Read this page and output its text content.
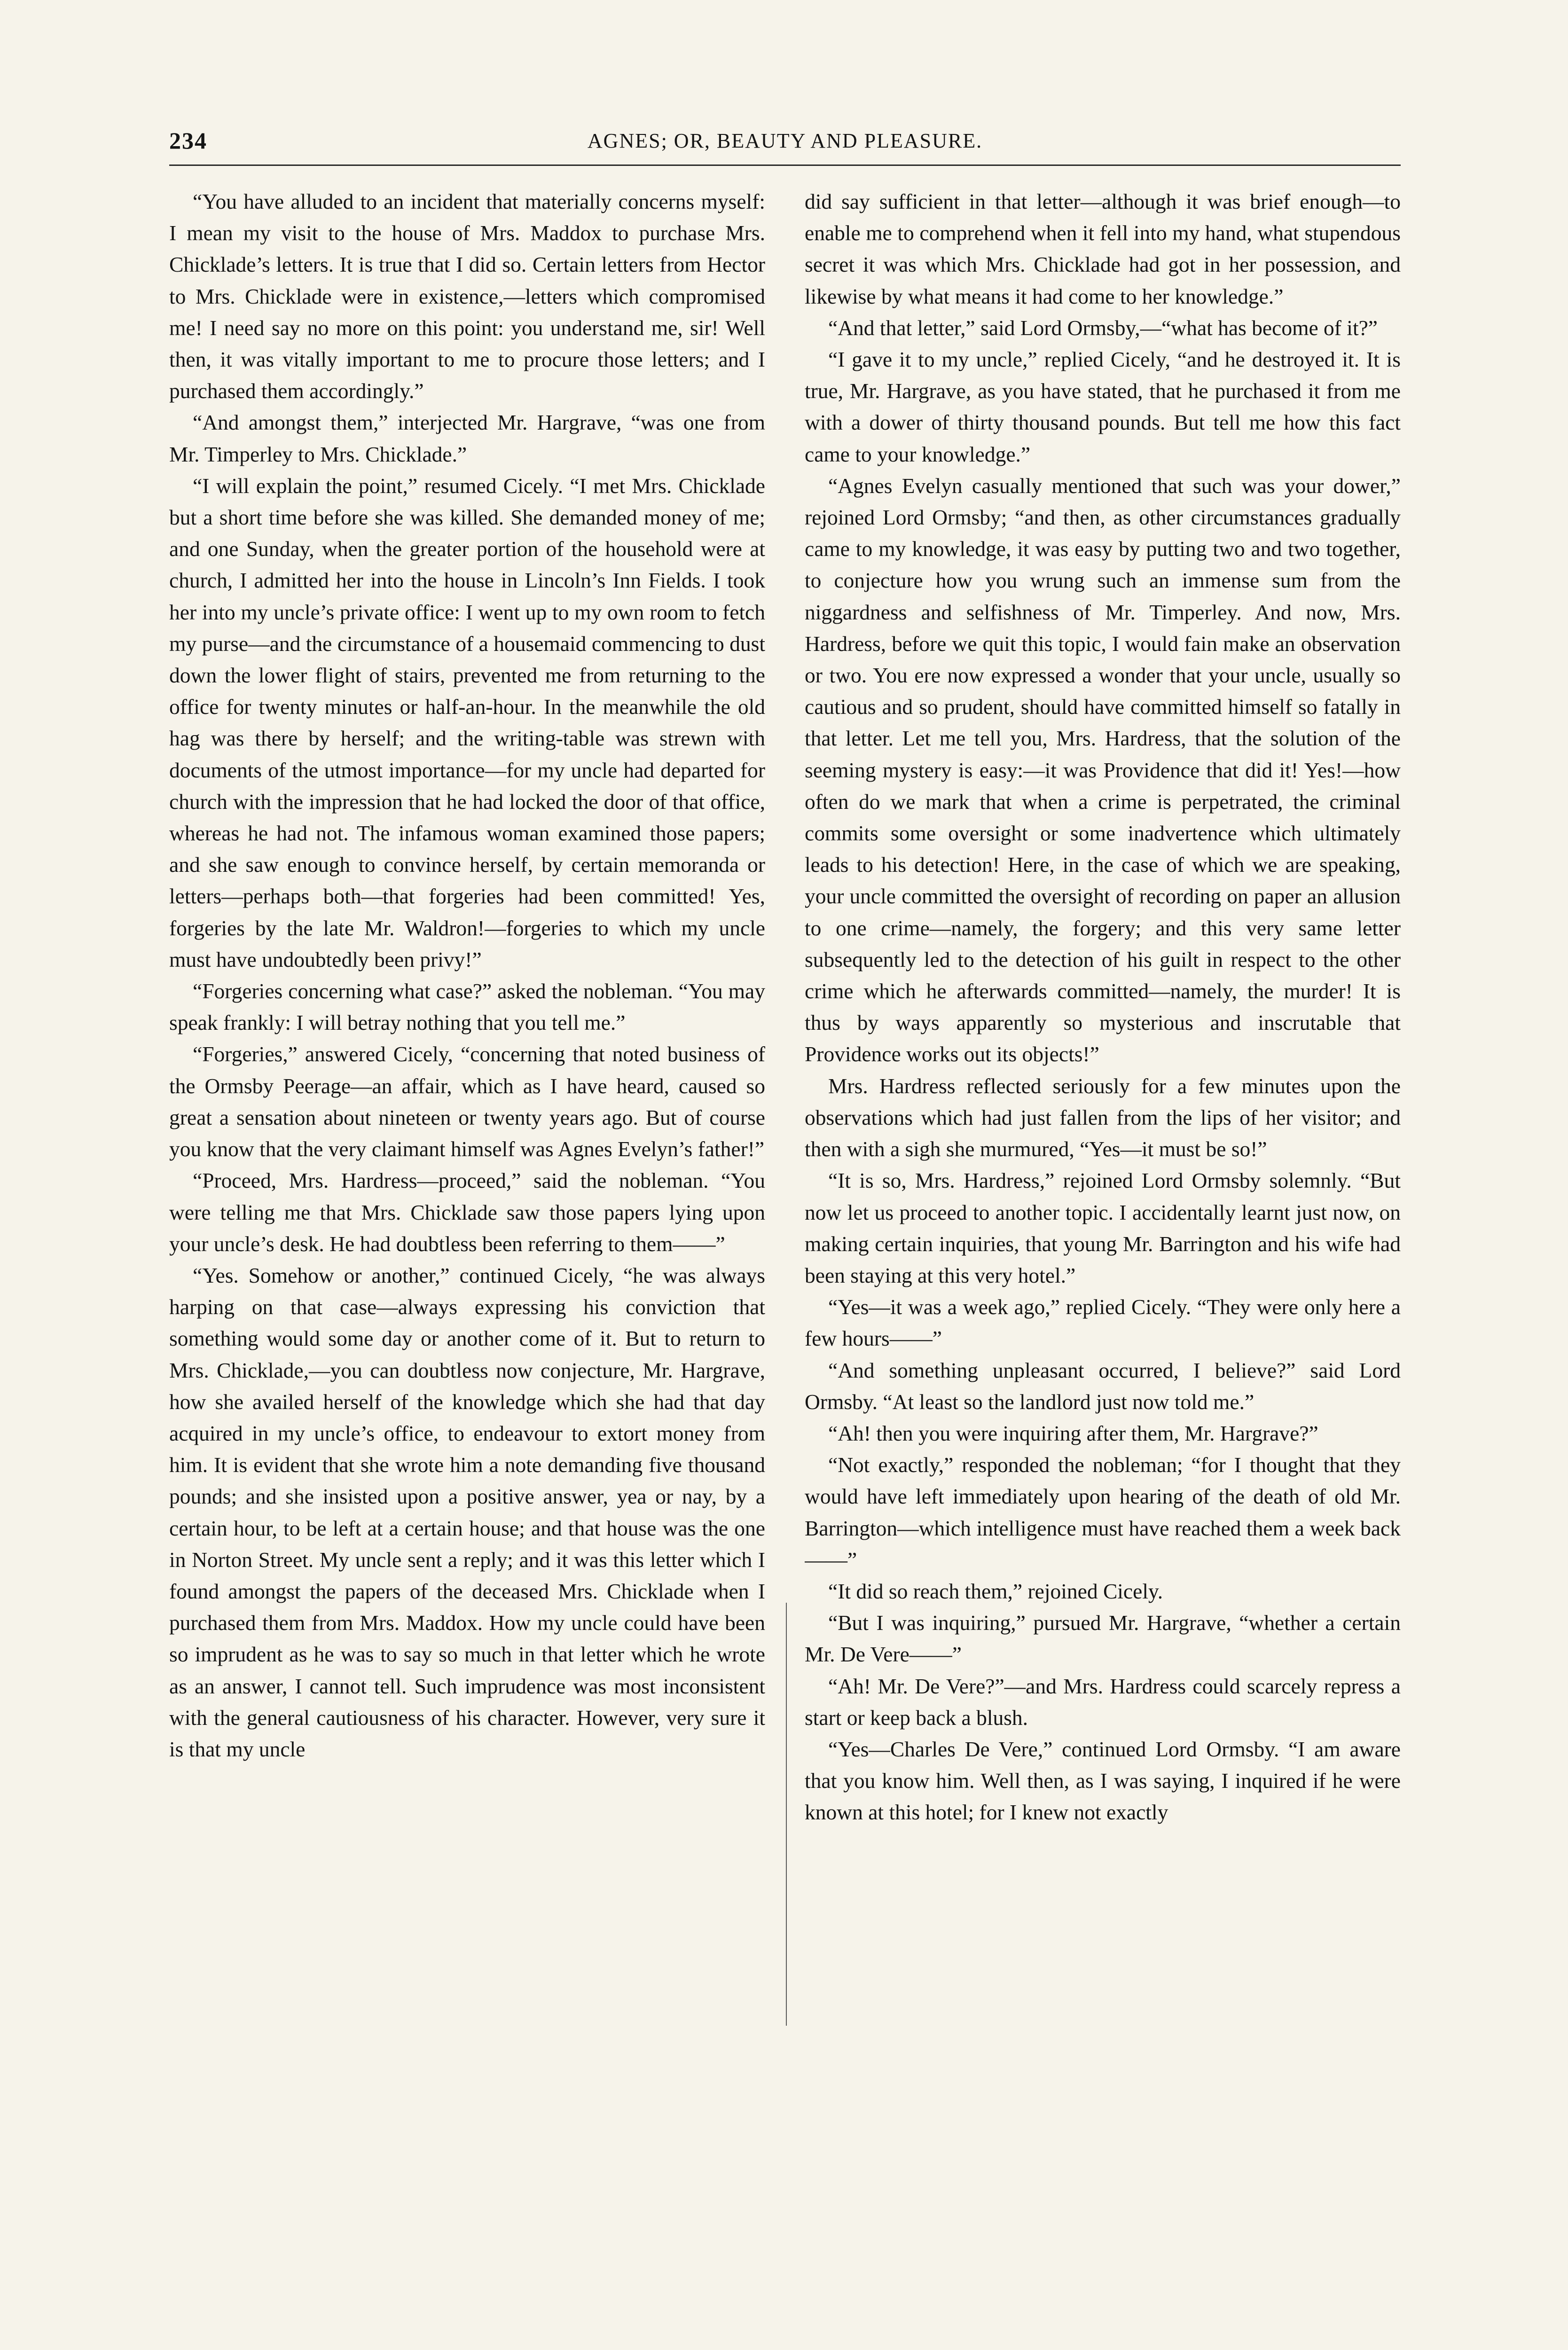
234	AGNES; OR, BEAUTY AND PLEASURE.

“You have alluded to an incident that materially concerns myself: I mean my visit to the house of Mrs. Maddox to purchase Mrs. Chicklade’s letters. It is true that I did so. Certain letters from Hector to Mrs. Chicklade were in existence,—letters which compromised me! I need say no more on this point: you understand me, sir! Well then, it was vitally important to me to procure those letters; and I purchased them accordingly.”

“And amongst them,” interjected Mr. Hargrave, “was one from Mr. Timperley to Mrs. Chicklade.”

“I will explain the point,” resumed Cicely. “I met Mrs. Chicklade but a short time before she was killed. She demanded money of me; and one Sunday, when the greater portion of the household were at church, I admitted her into the house in Lincoln’s Inn Fields. I took her into my uncle’s private office: I went up to my own room to fetch my purse—and the circumstance of a housemaid commencing to dust down the lower flight of stairs, prevented me from returning to the office for twenty minutes or half-an-hour. In the meanwhile the old hag was there by herself; and the writing-table was strewn with documents of the utmost importance—for my uncle had departed for church with the impression that he had locked the door of that office, whereas he had not. The infamous woman examined those papers; and she saw enough to convince herself, by certain memoranda or letters—perhaps both—that forgeries had been committed! Yes, forgeries by the late Mr. Waldron!—forgeries to which my uncle must have undoubtedly been privy!”

“Forgeries concerning what case?” asked the nobleman. “You may speak frankly: I will betray nothing that you tell me.”

“Forgeries,” answered Cicely, “concerning that noted business of the Ormsby Peerage—an affair, which as I have heard, caused so great a sensation about nineteen or twenty years ago. But of course you know that the very claimant himself was Agnes Evelyn’s father!”

“Proceed, Mrs. Hardress—proceed,” said the nobleman. “You were telling me that Mrs. Chicklade saw those papers lying upon your uncle’s desk. He had doubtless been referring to them——”

“Yes. Somehow or another,” continued Cicely, “he was always harping on that case—always expressing his conviction that something would some day or another come of it. But to return to Mrs. Chicklade,—you can doubtless now conjecture, Mr. Hargrave, how she availed herself of the knowledge which she had that day acquired in my uncle’s office, to endeavour to extort money from him. It is evident that she wrote him a note demanding five thousand pounds; and she insisted upon a positive answer, yea or nay, by a certain hour, to be left at a certain house; and that house was the one in Norton Street. My uncle sent a reply; and it was this letter which I found amongst the papers of the deceased Mrs. Chicklade when I purchased them from Mrs. Maddox. How my uncle could have been so imprudent as he was to say so much in that letter which he wrote as an answer, I cannot tell. Such imprudence was most inconsistent with the general cautiousness of his character. However, very sure it is that my uncle

did say sufficient in that letter—although it was brief enough—to enable me to comprehend when it fell into my hand, what stupendous secret it was which Mrs. Chicklade had got in her possession, and likewise by what means it had come to her knowledge.”

“And that letter,” said Lord Ormsby,—“what has become of it?”

“I gave it to my uncle,” replied Cicely, “and he destroyed it. It is true, Mr. Hargrave, as you have stated, that he purchased it from me with a dower of thirty thousand pounds. But tell me how this fact came to your knowledge.”

“Agnes Evelyn casually mentioned that such was your dower,” rejoined Lord Ormsby; “and then, as other circumstances gradually came to my knowledge, it was easy by putting two and two together, to conjecture how you wrung such an immense sum from the niggardness and selfishness of Mr. Timperley. And now, Mrs. Hardress, before we quit this topic, I would fain make an observation or two. You ere now expressed a wonder that your uncle, usually so cautious and so prudent, should have committed himself so fatally in that letter. Let me tell you, Mrs. Hardress, that the solution of the seeming mystery is easy:—it was Providence that did it! Yes!—how often do we mark that when a crime is perpetrated, the criminal commits some oversight or some inadvertence which ultimately leads to his detection! Here, in the case of which we are speaking, your uncle committed the oversight of recording on paper an allusion to one crime—namely, the forgery; and this very same letter subsequently led to the detection of his guilt in respect to the other crime which he afterwards committed—namely, the murder! It is thus by ways apparently so mysterious and inscrutable that Providence works out its objects!”

Mrs. Hardress reflected seriously for a few minutes upon the observations which had just fallen from the lips of her visitor; and then with a sigh she murmured, “Yes—it must be so!”

“It is so, Mrs. Hardress,” rejoined Lord Ormsby solemnly. “But now let us proceed to another topic. I accidentally learnt just now, on making certain inquiries, that young Mr. Barrington and his wife had been staying at this very hotel.”

“Yes—it was a week ago,” replied Cicely. “They were only here a few hours——”

“And something unpleasant occurred, I believe?” said Lord Ormsby. “At least so the landlord just now told me.”

“Ah! then you were inquiring after them, Mr. Hargrave?”

“Not exactly,” responded the nobleman; “for I thought that they would have left immediately upon hearing of the death of old Mr. Barrington—which intelligence must have reached them a week back——”

“It did so reach them,” rejoined Cicely.

“But I was inquiring,” pursued Mr. Hargrave, “whether a certain Mr. De Vere——”

“Ah! Mr. De Vere?”—and Mrs. Hardress could scarcely repress a start or keep back a blush.

“Yes—Charles De Vere,” continued Lord Ormsby. “I am aware that you know him. Well then, as I was saying, I inquired if he were known at this hotel; for I knew not exactly
